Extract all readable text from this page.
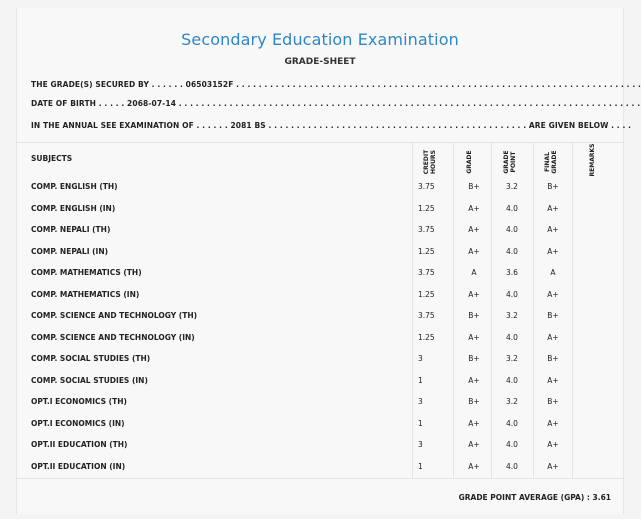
Secondary Education Examination
GRADE-SHEET
THE GRADE(S) SECURED BY . . . . . . 06503152F . . . . . . . . . . . . . . . . . . . . . . . . . . . . . . . . . . . . . . . . . . . . . . . . . . . . . . . . . . . . . . . . . . . . . . . .
DATE OF BIRTH . . . . . 2068-07-14 . . . . . . . . . . . . . . . . . . . . . . . . . . . . . . . . . . . . . . . . . . . . . . . . . . . . . . . . . . . . . . . . . . . . . . . . . . . . . . . . . .
IN THE ANNUAL SEE EXAMINATION OF . . . . . . 2081 BS . . . . . . . . . . . . . . . . . . . . . . . . . . . . . . . . . . . . . . . . . . . . . . ARE GIVEN BELOW . . . .
SUBJECTS	CREDIT HOURS	GRADE	GRADE POINT	FINAL GRADE	REMARKS
COMP. ENGLISH (TH)	3.75	B+	3.2	B+
COMP. ENGLISH (IN)	1.25	A+	4.0	A+
COMP. NEPALI (TH)	3.75	A+	4.0	A+
COMP. NEPALI (IN)	1.25	A+	4.0	A+
COMP. MATHEMATICS (TH)	3.75	A	3.6	A
COMP. MATHEMATICS (IN)	1.25	A+	4.0	A+
COMP. SCIENCE AND TECHNOLOGY (TH)	3.75	B+	3.2	B+
COMP. SCIENCE AND TECHNOLOGY (IN)	1.25	A+	4.0	A+
COMP. SOCIAL STUDIES (TH)	3	B+	3.2	B+
COMP. SOCIAL STUDIES (IN)	1	A+	4.0	A+
OPT.I ECONOMICS (TH)	3	B+	3.2	B+
OPT.I ECONOMICS (IN)	1	A+	4.0	A+
OPT.II EDUCATION (TH)	3	A+	4.0	A+
OPT.II EDUCATION (IN)	1	A+	4.0	A+
GRADE POINT AVERAGE (GPA) : 3.61
